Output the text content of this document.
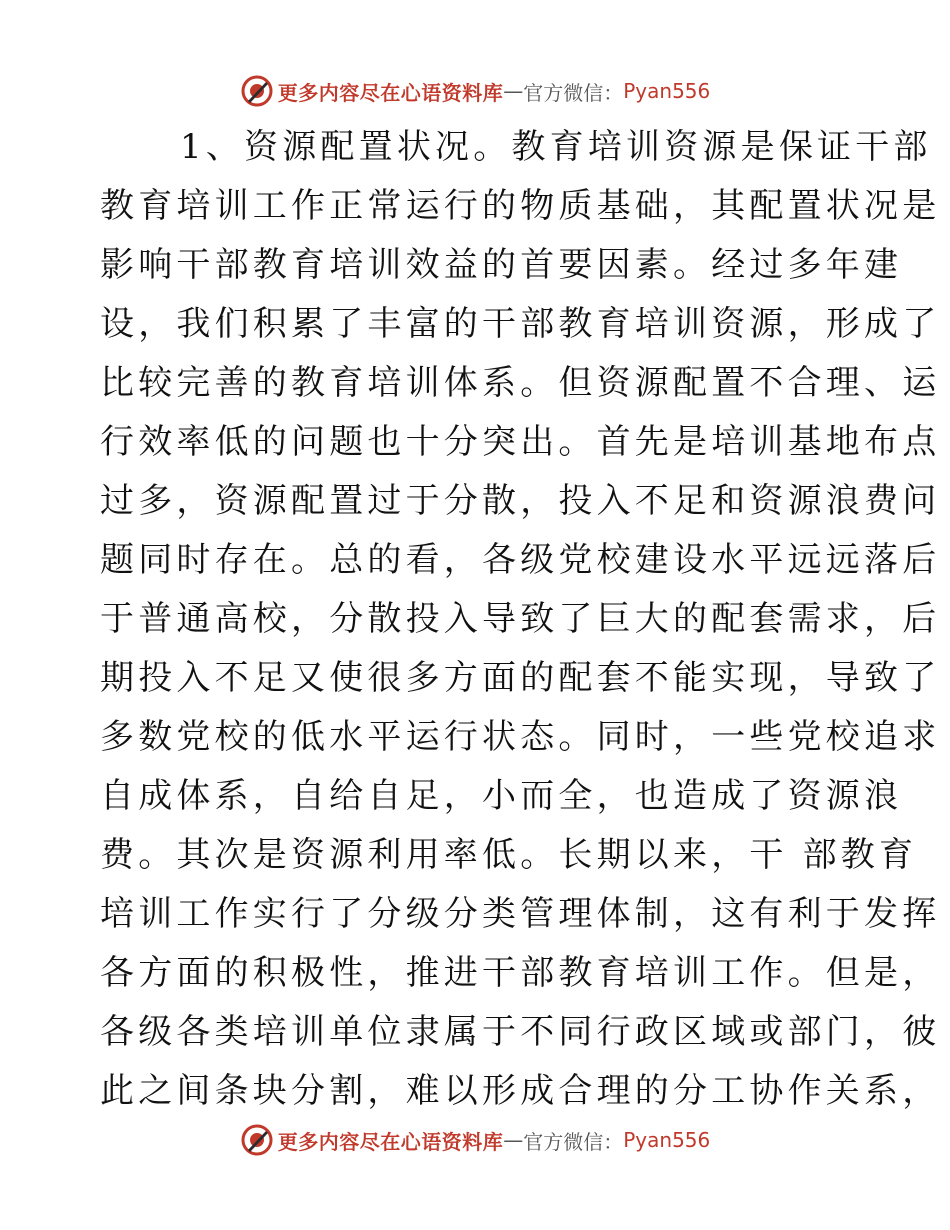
更多内容尽在心语资料库 — 官方微信： Pyan556
1、资源配置状况。教育培训资源是保证干部
教育培训工作正常运行的物质基础，其配置状况是
影响干部教育培训效益的首要因素。经过多年建
设，我们积累了丰富的干部教育培训资源，形成了
比较完善的教育培训体系。但资源配置不合理、运
行效率低的问题也十分突出。首先是培训基地布点
过多，资源配置过于分散，投入不足和资源浪费问
题同时存在。总的看，各级党校建设水平远远落后
于普通高校，分散投入导致了巨大的配套需求，后
期投入不足又使很多方面的配套不能实现，导致了
多数党校的低水平运行状态。同时，一些党校追求
自成体系，自给自足，小而全，也造成了资源浪
费。其次是资源利用率低。长期以来，干 部教育
培训工作实行了分级分类管理体制，这有利于发挥
各方面的积极性，推进干部教育培训工作。但是，
各级各类培训单位隶属于不同行政区域或部门，彼
此之间条块分割，难以形成合理的分工协作关系，
更多内容尽在心语资料库 — 官方微信： Pyan556
